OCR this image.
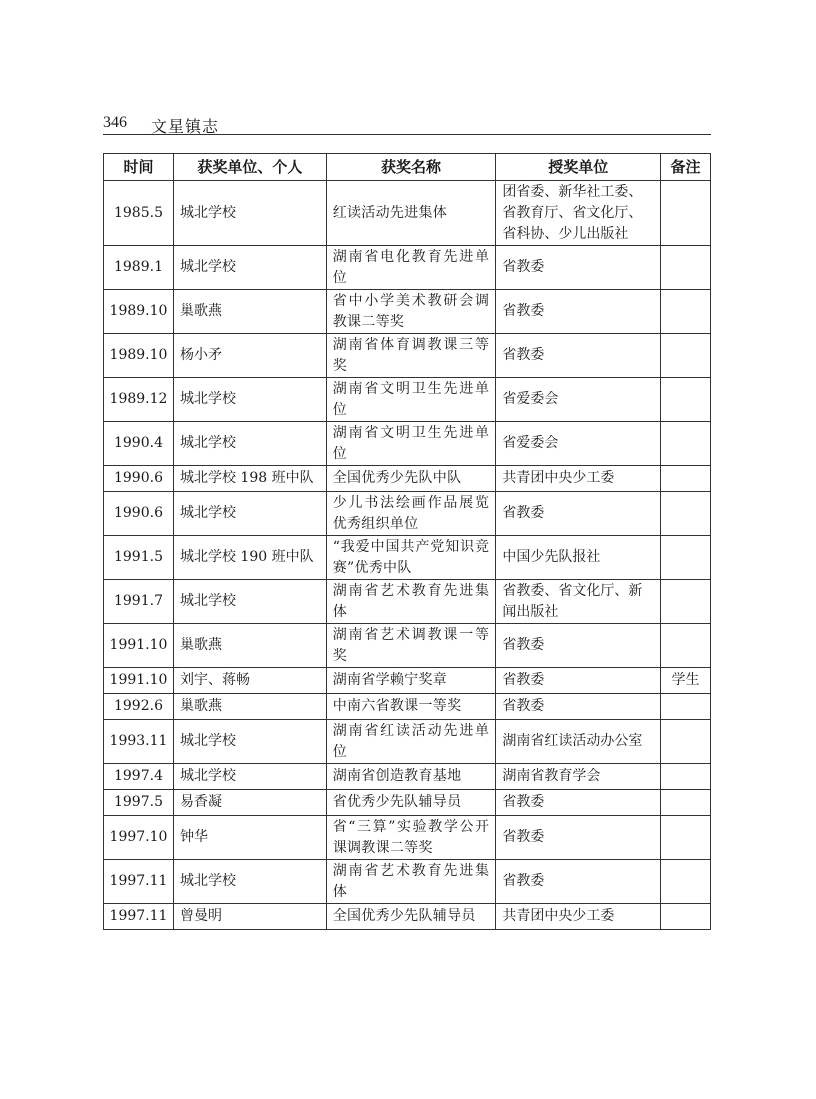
346 文星镇志
时间	获奖单位、个人	获奖名称	授奖单位	备注
1985.5	城北学校	红读活动先进集体	团省委、新华社工委、省教育厅、省文化厅、省科协、少儿出版社	
1989.1	城北学校	湖南省电化教育先进单位	省教委	
1989.10	巢歌燕	省中小学美术教研会调教课二等奖	省教委	
1989.10	杨小矛	湖南省体育调教课三等奖	省教委	
1989.12	城北学校	湖南省文明卫生先进单位	省爱委会	
1990.4	城北学校	湖南省文明卫生先进单位	省爱委会	
1990.6	城北学校 198 班中队	全国优秀少先队中队	共青团中央少工委	
1990.6	城北学校	少儿书法绘画作品展览优秀组织单位	省教委	
1991.5	城北学校 190 班中队	“我爱中国共产党知识竞赛”优秀中队	中国少先队报社	
1991.7	城北学校	湖南省艺术教育先进集体	省教委、省文化厅、新闻出版社	
1991.10	巢歌燕	湖南省艺术调教课一等奖	省教委	
1991.10	刘宇、蒋畅	湖南省学赖宁奖章	省教委	学生
1992.6	巢歌燕	中南六省教课一等奖	省教委	
1993.11	城北学校	湖南省红读活动先进单位	湖南省红读活动办公室	
1997.4	城北学校	湖南省创造教育基地	湖南省教育学会	
1997.5	易香凝	省优秀少先队辅导员	省教委	
1997.10	钟华	省“三算”实验教学公开课调教课二等奖	省教委	
1997.11	城北学校	湖南省艺术教育先进集体	省教委	
1997.11	曾曼明	全国优秀少先队辅导员	共青团中央少工委	
